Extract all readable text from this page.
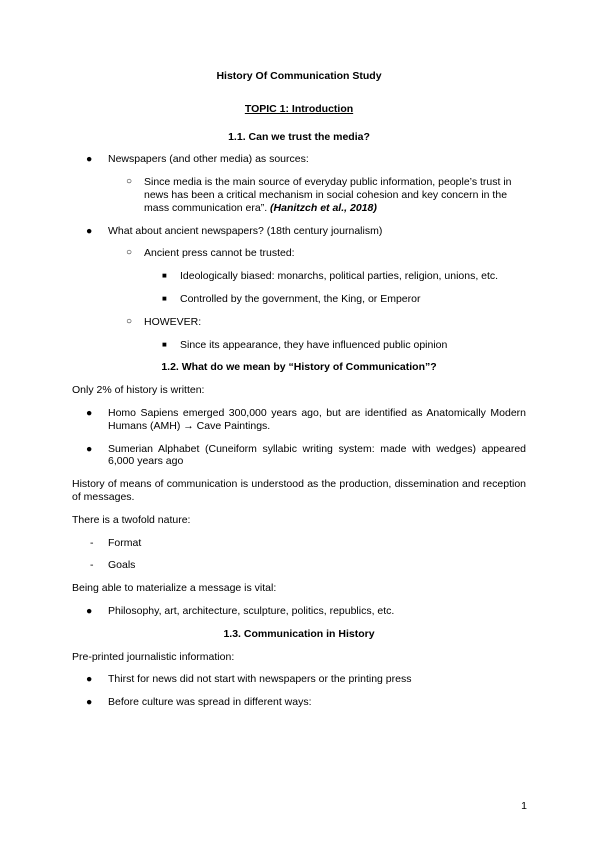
History Of Communication Study
TOPIC 1: Introduction
1.1. Can we trust the media?
● Newspapers (and other media) as sources:
○ Since media is the main source of everyday public information, people’s trust in news has been a critical mechanism in social cohesion and key concern in the mass communication era”. (Hanitzch et al., 2018)
● What about ancient newspapers? (18th century journalism)
○ Ancient press cannot be trusted:
■ Ideologically biased: monarchs, political parties, religion, unions, etc.
■ Controlled by the government, the King, or Emperor
○ HOWEVER:
■ Since its appearance, they have influenced public opinion
1.2. What do we mean by “History of Communication”?

Only 2% of history is written:

● Homo Sapiens emerged 300,000 years ago, but are identified as Anatomically Modern Humans (AMH) → Cave Paintings.
● Sumerian Alphabet (Cuneiform syllabic writing system: made with wedges) appeared 6,000 years ago

History of means of communication is understood as the production, dissemination and reception of messages.

There is a twofold nature:

- Format
- Goals

Being able to materialize a message is vital:

● Philosophy, art, architecture, sculpture, politics, republics, etc.
1.3. Communication in History

Pre-printed journalistic information:

● Thirst for news did not start with newspapers or the printing press
● Before culture was spread in different ways:
1
